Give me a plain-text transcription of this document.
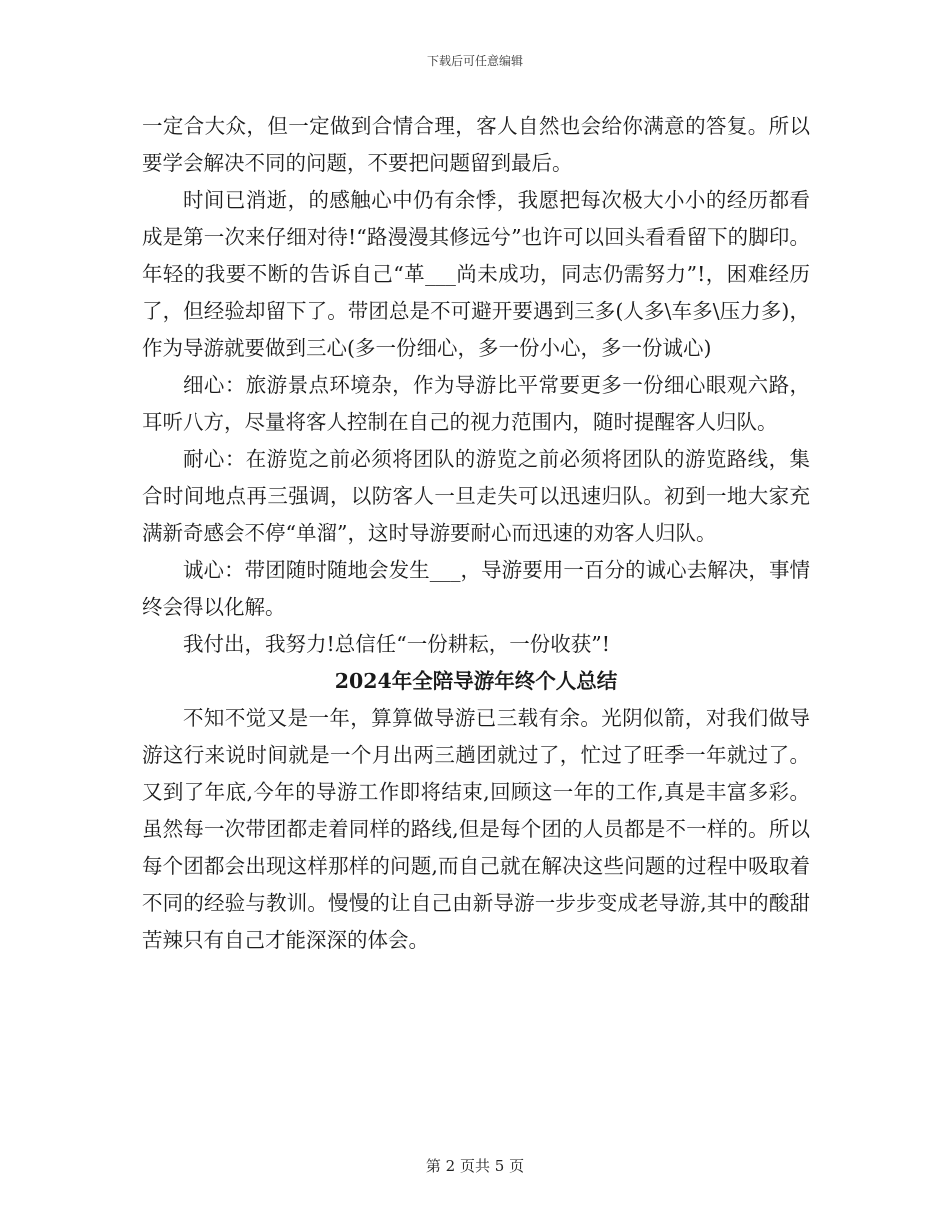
下载后可任意编辑

一定合大众，但一定做到合情合理，客人自然也会给你满意的答复。所以要学会解决不同的问题，不要把问题留到最后。

时间已消逝，的感触心中仍有余悸，我愿把每次极大小小的经历都看成是第一次来仔细对待!“路漫漫其修远兮”也许可以回头看看留下的脚印。年轻的我要不断的告诉自己“革___尚未成功，同志仍需努力”!，困难经历了，但经验却留下了。带团总是不可避开要遇到三多(人多\车多\压力多)，作为导游就要做到三心(多一份细心，多一份小心，多一份诚心)

细心：旅游景点环境杂，作为导游比平常要更多一份细心眼观六路，耳听八方，尽量将客人控制在自己的视力范围内，随时提醒客人归队。

耐心：在游览之前必须将团队的游览之前必须将团队的游览路线，集合时间地点再三强调，以防客人一旦走失可以迅速归队。初到一地大家充满新奇感会不停“单溜”，这时导游要耐心而迅速的劝客人归队。

诚心：带团随时随地会发生___，导游要用一百分的诚心去解决，事情终会得以化解。

我付出，我努力!总信任“一份耕耘，一份收获”!

2024年全陪导游年终个人总结

不知不觉又是一年，算算做导游已三载有余。光阴似箭，对我们做导游这行来说时间就是一个月出两三趟团就过了，忙过了旺季一年就过了。又到了年底,今年的导游工作即将结束,回顾这一年的工作,真是丰富多彩。虽然每一次带团都走着同样的路线,但是每个团的人员都是不一样的。所以每个团都会出现这样那样的问题,而自己就在解决这些问题的过程中吸取着不同的经验与教训。慢慢的让自己由新导游一步步变成老导游,其中的酸甜苦辣只有自己才能深深的体会。

第 2 页共 5 页
